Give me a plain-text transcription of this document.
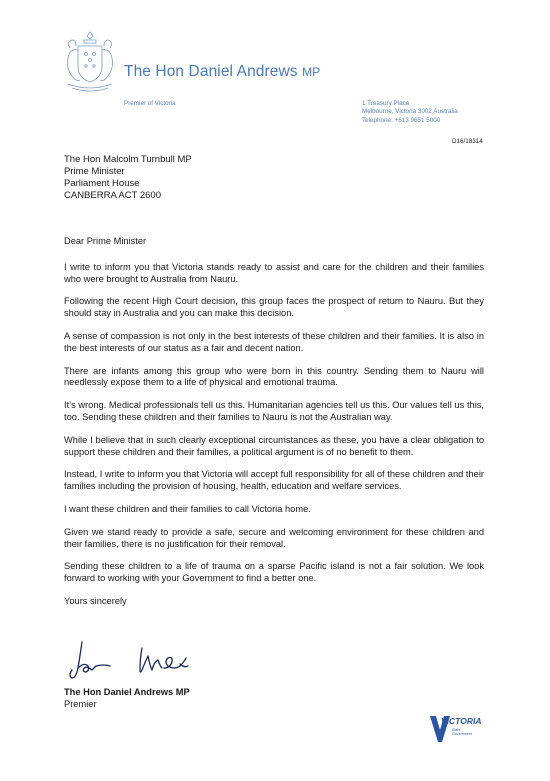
The Hon Daniel Andrews MP
Premier of Victoria	1 Treasury Place
Melbourne, Victoria 3002 Australia
Telephone: +613 9651 5000
D16/18314
The Hon Malcolm Turnbull MP
Prime Minister
Parliament House
CANBERRA ACT 2600

Dear Prime Minister

I write to inform you that Victoria stands ready to assist and care for the children and their families who were brought to Australia from Nauru.

Following the recent High Court decision, this group faces the prospect of return to Nauru. But they should stay in Australia and you can make this decision.

A sense of compassion is not only in the best interests of these children and their families. It is also in the best interests of our status as a fair and decent nation.

There are infants among this group who were born in this country. Sending them to Nauru will needlessly expose them to a life of physical and emotional trauma.

It’s wrong. Medical professionals tell us this. Humanitarian agencies tell us this. Our values tell us this, too. Sending these children and their families to Nauru is not the Australian way.

While I believe that in such clearly exceptional circumstances as these, you have a clear obligation to support these children and their families, a political argument is of no benefit to them.

Instead, I write to inform you that Victoria will accept full responsibility for all of these children and their families including the provision of housing, health, education and welfare services.

I want these children and their families to call Victoria home.

Given we stand ready to provide a safe, secure and welcoming environment for these children and their families, there is no justification for their removal.

Sending these children to a life of trauma on a sparse Pacific island is not a fair solution. We look forward to working with your Government to find a better one.

Yours sincerely

The Hon Daniel Andrews MP
Premier
VICTORIA
State
Government
